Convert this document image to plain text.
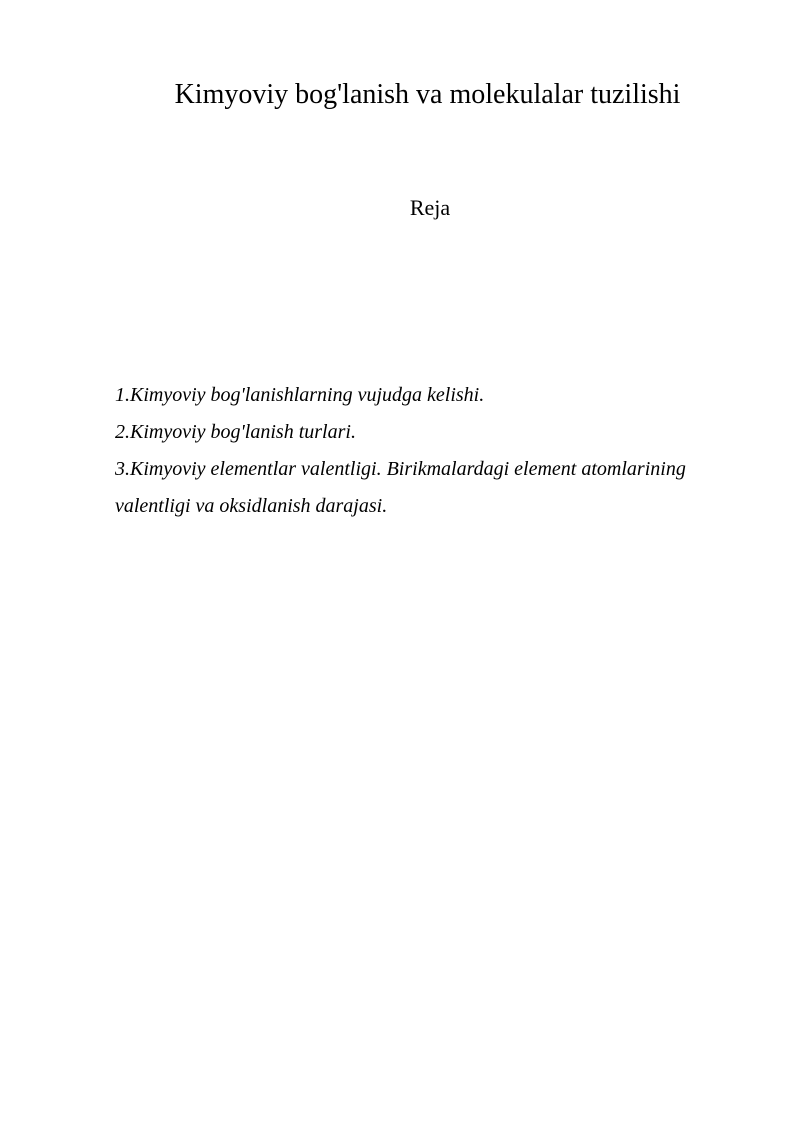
Kimyoviy bog'lanish va molekulalar tuzilishi
Reja
1.Kimyoviy bog'lanishlarning vujudga kelishi.
2.Kimyoviy bog'lanish turlari.
3.Kimyoviy elementlar valentligi. Birikmalardagi element atomlarining valentligi va oksidlanish darajasi.
